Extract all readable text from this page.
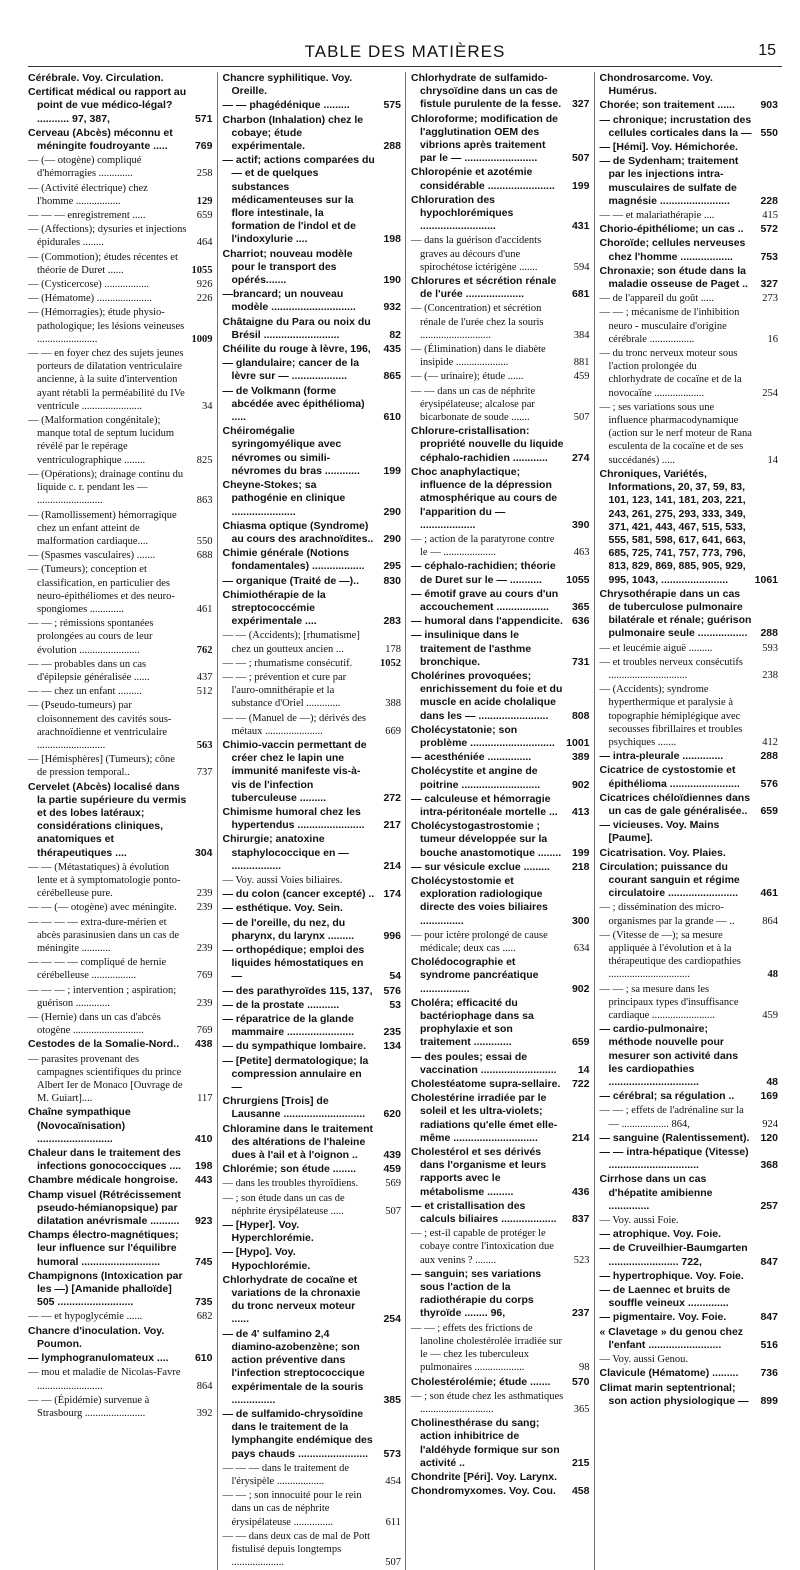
TABLE DES MATIÈRES	15
Cérébrale. Voy. Circulation.
Certificat médical ou rapport au point de vue médico-légal? ........... 97, 387,	571
Cerveau (Abcès) méconnu et méningite foudroyante .....	769
— (— otogène) compliqué d'hémorragies .............	258
— (Activité électrique) chez l'homme .................	129
— — — enregistrement .....	659
— (Affections); dysuries et injections épidurales ........	464
— (Commotion); études récentes et théorie de Duret ......	1055
— (Cysticercose) .................	926
— (Hématome) .....................	226
— (Hémorragies); étude physio-pathologique; les lésions veineuses .......................	1009
— — en foyer chez des sujets jeunes porteurs de dilatation ventriculaire ancienne, à la suite d'intervention ayant rétabli la perméabilité du IVe ventricule .......................	34
— (Malformation congénitale); manque total de septum lucidum révélé par le repérage ventriculographique ........	825
— (Opérations); drainage continu du liquide c. r. pendant les — .........................	863
— (Ramollissement) hémorragique chez un enfant atteint de malformation cardiaque....	550
— (Spasmes vasculaires) .......	688
— (Tumeurs); conception et classification, en particulier des neuro-épithéliomes et des neuro-spongiomes .............	461
— — ; rémissions spontanées prolongées au cours de leur évolution .......................	762
— — probables dans un cas d'épilepsie généralisée ......	437
— — chez un enfant .........	512
— (Pseudo-tumeurs) par cloisonnement des cavités sous-arachnoïdienne et ventriculaire ..........................	563
— [Hémisphères] (Tumeurs); cône de pression temporal..	737
Cervelet (Abcès) localisé dans la partie supérieure du vermis et des lobes latéraux; considérations cliniques, anatomiques et thérapeutiques ....	304
— — (Métastatiques) à évolution lente et à symptomatologie ponto-cérébelleuse pure.	239
— — (— otogène) avec méningite.	239
— — — — extra-dure-mérien et abcès parasinusien dans un cas de méningite ...........	239
— — — — compliqué de hernie cérébelleuse .................	769
— — — ; intervention ; aspiration; guérison .............	239
— (Hernie) dans un cas d'abcès otogène ...........................	769
Cestodes de la Somalie-Nord..	438
— parasites provenant des campagnes scientifiques du prince Albert Ier de Monaco [Ouvrage de M. Guiart]....	117
Chaîne sympathique (Novocaïnisation) ..........................	410
Chaleur dans le traitement des infections gonococciques ....	198
Chambre médicale hongroise.	443
Champ visuel (Rétrécissement pseudo-hémianopsique) par dilatation anévrismale ..........	923
Champs électro-magnétiques; leur influence sur l'équilibre humoral ...........................	745
Champignons (Intoxication par les —) [Amanide phalloïde] 505 ..........................	735
— — et hypoglycémie ......	682
Chancre d'inoculation. Voy. Poumon.
— lymphogranulomateux ....	610
— mou et maladie de Nicolas-Favre .........................	864
— — (Épidémie) survenue à Strasbourg .......................	392
Chancre syphilitique. Voy. Oreille.
— — phagédénique .........	575
Charbon (Inhalation) chez le cobaye; étude expérimentale.	288
— actif; actions comparées du — et de quelques substances médicamenteuses sur la flore intestinale, la formation de l'indol et de l'indoxylurie ....	198
Charriot; nouveau modèle pour le transport des opérés.......	190
—brancard; un nouveau modèle .............................	932
Châtaigne du Para ou noix du Brésil ..........................	82
Chéilite du rouge à lèvre, 196,	435
— glandulaire; cancer de la lèvre sur — ...................	865
— de Volkmann (forme abcédée avec épithélioma) .....	610
Chéiromégalie syringomyélique avec névromes ou simili-névromes du bras ............	199
Cheyne-Stokes; sa pathogénie en clinique ......................	290
Chiasma optique (Syndrome) au cours des arachnoïdites.. 290
Chimie générale (Notions fondamentales) ..................	295
— organique (Traité de —)..	830
Chimiothérapie de la streptococcémie expérimentale ....	283
— — (Accidents); [rhumatisme] chez un goutteux ancien ...	178
— — ; rhumatisme consécutif.	1052
— — ; prévention et cure par l'auro-omnithérapie et la substance d'Oriel .............	388
— — (Manuel de —); dérivés des métaux ......................	669
Chimio-vaccin permettant de créer chez le lapin une immunité manifeste vis-à-vis de l'infection tuberculeuse .........	272
Chimisme humoral chez les hypertendus .......................	217
Chirurgie; anatoxine staphylococcique en — .................	214
— Voy. aussi Voies biliaires.
— du colon (cancer excepté) .. 174
— esthétique. Voy. Sein.
— de l'oreille, du nez, du pharynx, du larynx .........	996
— orthopédique; emploi des liquides hémostatiques en —	54
— des parathyroïdes 115, 137, 576
— de la prostate ...........	53
— réparatrice de la glande mammaire .......................	235
— du sympathique lombaire.	134
— [Petite] dermatologique; la compression annulaire en —
Chrurgiens [Trois] de Lausanne ............................	620
Chloramine dans le traitement des altérations de l'haleine dues à l'ail et à l'oignon ..	439
Chlorémie; son étude ........	459
— dans les troubles thyroïdiens.	569
— ; son étude dans un cas de néphrite érysipélateuse .....	507
— [Hyper]. Voy. Hyperchlorémie.
— [Hypo]. Voy. Hypochlorémie.
Chlorhydrate de cocaïne et variations de la chronaxie du tronc nerveux moteur ......	254
— de 4' sulfamino 2,4 diamino-azobenzène; son action préventive dans l'infection streptococcique expérimentale de la souris ...............	385
— de sulfamido-chrysoïdine dans le traitement de la lymphangite endémique des pays chauds ........................	573
— — — dans le traitement de l'érysipèle ..................	454
— — ; son innocuité pour le rein dans un cas de néphrite érysipélateuse ...............	611
— — dans deux cas de mal de Pott fistulisé depuis longtemps ....................	507
Chlorhydrate de sulfamido-chrysoïdine dans un cas de fistule purulente de la fesse. 327
Chloroforme; modification de l'agglutination OEM des vibrions après traitement par le — .........................	507
Chloropénie et azotémie considérable .......................	199
Chloruration des hypochlorémiques ..........................	431
— dans la guérison d'accidents graves au décours d'une spirochétose ictérigène .......	594
Chlorures et sécrétion rénale de l'urée ....................	681
— (Concentration) et sécrétion rénale de l'urée chez la souris ...........................	384
— (Élimination) dans le diabète insipide ....................	881
— (— urinaire); étude ......	459
— — dans un cas de néphrite érysipélateuse; alcalose par bicarbonate de soude .......	507
Chlorure-cristallisation: propriété nouvelle du liquide céphalo-rachidien ............	274
Choc anaphylactique; influence de la dépression atmosphérique au cours de l'apparition du — ...................	390
— ; action de la paratyrone contre le — ....................	463
— céphalo-rachidien; théorie de Duret sur le — ...........	1055
— émotif grave au cours d'un accouchement ..................	365
— humoral dans l'appendicite. 636
— insulinique dans le traitement de l'asthme bronchique.	731
Cholérines provoquées; enrichissement du foie et du muscle en acide cholalique dans les — ........................	808
Cholécystatonie; son problème .............................	1001
— acesthéniée ...............	389
Cholécystite et angine de poitrine ...........................	902
— calculeuse et hémorragie intra-péritonéale mortelle ...	413
Cholécystogastrostomie ; tumeur développée sur la bouche anastomotique ........ 199
— sur vésicule exclue .........	218
Cholécystostomie et exploration radiologique directe des voies biliaires ...............	300
— pour ictère prolongé de cause médicale; deux cas .....	634
Cholédocographie et syndrome pancréatique .................	902
Choléra; efficacité du bactériophage dans sa prophylaxie et son traitement .............	659
— des poules; essai de vaccination ..........................	14
Cholestéatome supra-sellaire. 722
Cholestérine irradiée par le soleil et les ultra-violets; radiations qu'elle émet elle-même .............................	214
Cholestérol et ses dérivés dans l'organisme et leurs rapports avec le métabolisme .........	436
— et cristallisation des calculs biliaires ...................	837
— ; est-il capable de protéger le cobaye contre l'intoxication due aux venins ? ........	523
— sanguin; ses variations sous l'action de la radiothérapie du corps thyroïde ........ 96,	237
— — ; effets des frictions de lanoline cholestérolée irradiée sur le — chez les tuberculeux pulmonaires ...................	98
Cholestérolémie; étude .......	570
— ; son étude chez les asthmatiques ............................	365
Cholinesthérase du sang; action inhibitrice de l'aldéhyde formique sur son activité ..	215
Chondrite [Péri]. Voy. Larynx.
Chondromyxomes. Voy. Cou.	458
Chondrosarcome. Voy. Humérus.
Chorée; son traitement ......	903
— chronique; incrustation des cellules corticales dans la — 550
— [Hémi]. Voy. Hémichorée.
— de Sydenham; traitement par les injections intra-musculaires de sulfate de magnésie ........................	228
— — et malariathérapie ....	415
Chorio-épithéliome; un cas ..	572
Choroïde; cellules nerveuses chez l'homme ..................	753
Chronaxie; son étude dans la maladie osseuse de Paget ..	327
— de l'appareil du goût .....	273
— — ; mécanisme de l'inhibition neuro - musculaire d'origine cérébrale .................	16
— du tronc nerveux moteur sous l'action prolongée du chlorhydrate de cocaïne et de la novocaïne ...................	254
— ; ses variations sous une influence pharmacodynamique (action sur le nerf moteur de Rana esculenta de la cocaïne et de ses succédanés) .....	14
Chroniques, Variétés, Informations, 20, 37, 59, 83, 101, 123, 141, 181, 203, 221, 243, 261, 275, 293, 333, 349, 371, 421, 443, 467, 515, 533, 555, 581, 598, 617, 641, 663, 685, 725, 741, 757, 773, 796, 813, 829, 869, 885, 905, 929, 995, 1043, .......................	1061
Chrysothérapie dans un cas de tuberculose pulmonaire bilatérale et rénale; guérison pulmonaire seule .................	288
— et leucémie aiguë .........	593
— et troubles nerveux consécutifs ..............................	238
— (Accidents); syndrome hyperthermique et paralysie à topographie hémiplégique avec secousses fibrillaires et troubles psychiques .......	412
— intra-pleurale ..............	288
Cicatrice de cystostomie et épithélioma ........................	576
Cicatrices chéloïdiennes dans un cas de gale généralisée..	659
— vicieuses. Voy. Mains [Paume].
Cicatrisation. Voy. Plaies.
Circulation; puissance du courant sanguin et régime circulatoire ........................	461
— ; dissémination des micro-organismes par la grande — ..	864
— (Vitesse de —); sa mesure appliquée à l'évolution et à la thérapeutique des cardiopathies ...............................	48
— — ; sa mesure dans les principaux types d'insuffisance cardiaque ........................	459
— cardio-pulmonaire; méthode nouvelle pour mesurer son activité dans les cardiopathies ...............................	48
— cérébral; sa régulation ..	169
— — ; effets de l'adrénaline sur la — .................. 864,	924
— sanguine (Ralentissement). 120
— — intra-hépatique (Vitesse) ...............................	368
Cirrhose dans un cas d'hépatite amibienne ..............	257
— Voy. aussi Foie.
— atrophique. Voy. Foie.
— de Cruveilhier-Baumgarten ........................ 722,	847
— hypertrophique. Voy. Foie.
— de Laennec et bruits de souffle veineux ..............
— pigmentaire. Voy. Foie.	847
« Clavetage » du genou chez l'enfant .........................	516
— Voy. aussi Genou.
Clavicule (Hématome) .........	736
Climat marin septentrional; son action physiologique —	899
